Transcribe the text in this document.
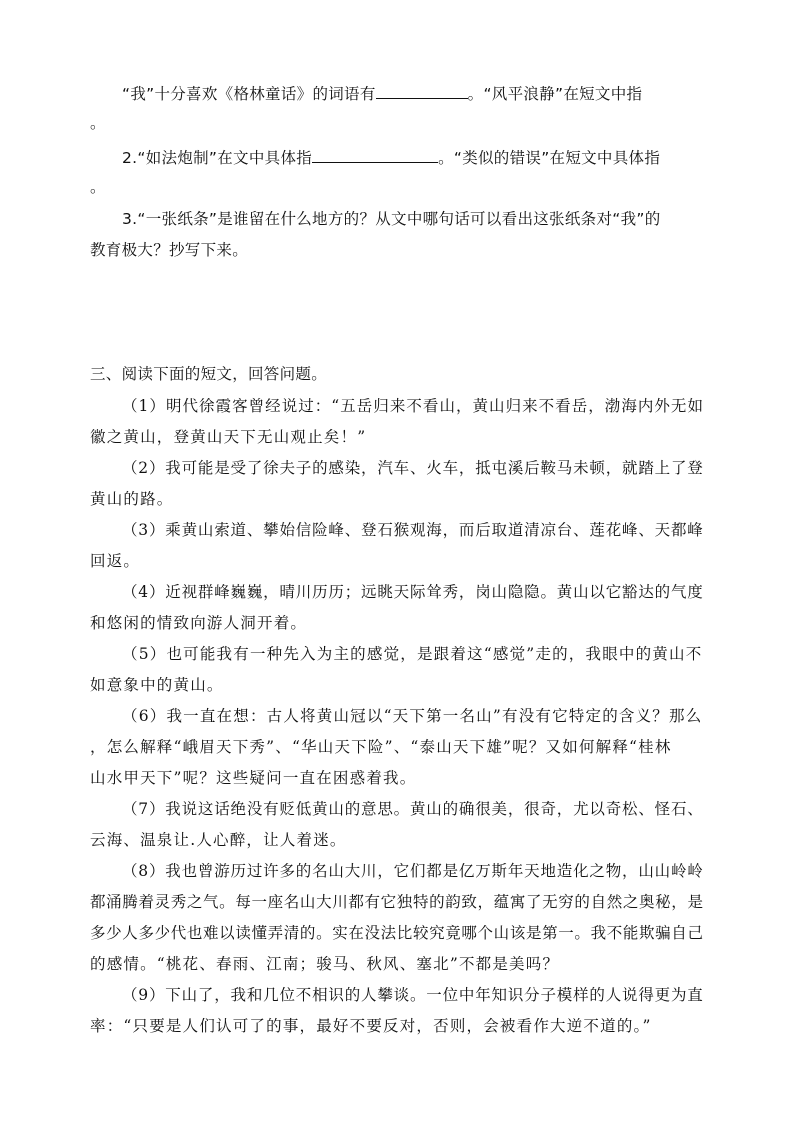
“我”十分喜欢《格林童话》的词语有	。“风平浪静”在短文中指
。
2.“如法炮制”在文中具体指	。“类似的错误”在短文中具体指
。
3.“一张纸条”是谁留在什么地方的？从文中哪句话可以看出这张纸条对“我”的
教育极大？抄写下来。
三、阅读下面的短文，回答问题。
（1）明代徐霞客曾经说过：“五岳归来不看山，黄山归来不看岳，渤海内外无如
徽之黄山，登黄山天下无山观止矣！”
（2）我可能是受了徐夫子的感染，汽车、火车，抵屯溪后鞍马未顿，就踏上了登
黄山的路。
（3）乘黄山索道、攀始信险峰、登石猴观海，而后取道清凉台、莲花峰、天都峰
回返。
（4）近视群峰巍巍，晴川历历；远眺天际耸秀，岗山隐隐。黄山以它豁达的气度
和悠闲的情致向游人洞开着。
（5）也可能我有一种先入为主的感觉，是跟着这“感觉”走的，我眼中的黄山不
如意象中的黄山。
（6）我一直在想：古人将黄山冠以“天下第一名山”有没有它特定的含义？那么
，怎么解释“峨眉天下秀”、“华山天下险”、“泰山天下雄”呢？又如何解释“桂林
山水甲天下”呢？这些疑问一直在困惑着我。
（7）我说这话绝没有贬低黄山的意思。黄山的确很美，很奇，尤以奇松、怪石、
云海、温泉让.人心醉，让人着迷。
（8）我也曾游历过许多的名山大川，它们都是亿万斯年天地造化之物，山山岭岭
都涌腾着灵秀之气。每一座名山大川都有它独特的韵致，蕴寓了无穷的自然之奥秘，是
多少人多少代也难以读懂弄清的。实在没法比较究竟哪个山该是第一。我不能欺骗自己
的感情。“桃花、春雨、江南；骏马、秋风、塞北”不都是美吗？
（9）下山了，我和几位不相识的人攀谈。一位中年知识分子模样的人说得更为直
率：“只要是人们认可了的事，最好不要反对，否则，会被看作大逆不道的。”
